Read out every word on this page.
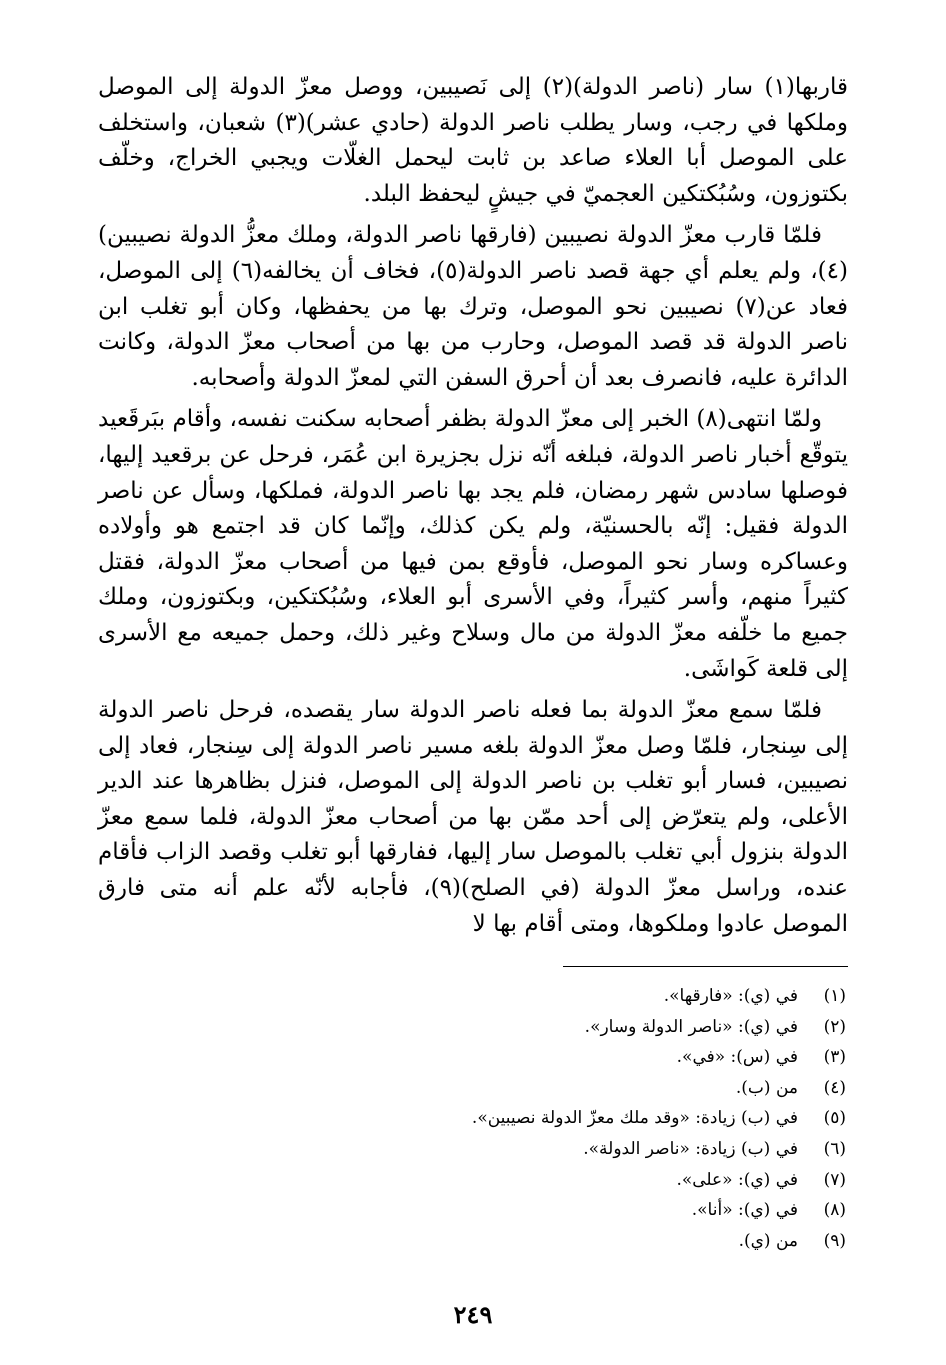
قاربها(١) سار (ناصر الدولة)(٢) إلى نَصيبين، ووصل معزّ الدولة إلى الموصل وملكها في رجب، وسار يطلب ناصر الدولة (حادي عشر)(٣) شعبان، واستخلف على الموصل أبا العلاء صاعد بن ثابت ليحمل الغلّات ويجبي الخراج، وخلّف بكتوزون، وسُبُكتكين العجميّ في جيشٍ ليحفظ البلد.

فلمّا قارب معزّ الدولة نصيبين (فارقها ناصر الدولة، وملك معزُّ الدولة نصيبين)(٤)، ولم يعلم أي جهة قصد ناصر الدولة(٥)، فخاف أن يخالفه(٦) إلى الموصل، فعاد عن(٧) نصيبين نحو الموصل، وترك بها من يحفظها، وكان أبو تغلب ابن ناصر الدولة قد قصد الموصل، وحارب من بها من أصحاب معزّ الدولة، وكانت الدائرة عليه، فانصرف بعد أن أحرق السفن التي لمعزّ الدولة وأصحابه.

ولمّا انتهى(٨) الخبر إلى معزّ الدولة بظفر أصحابه سكنت نفسه، وأقام ببَرقَعيد يتوقّع أخبار ناصر الدولة، فبلغه أنّه نزل بجزيرة ابن عُمَر، فرحل عن برقعيد إليها، فوصلها سادس شهر رمضان، فلم يجد بها ناصر الدولة، فملكها، وسأل عن ناصر الدولة فقيل: إنّه بالحسنيّة، ولم يكن كذلك، وإنّما كان قد اجتمع هو وأولاده وعساكره وسار نحو الموصل، فأوقع بمن فيها من أصحاب معزّ الدولة، فقتل كثيراً منهم، وأسر كثيراً، وفي الأسرى أبو العلاء، وسُبُكتكين، وبكتوزون، وملك جميع ما خلّفه معزّ الدولة من مال وسلاح وغير ذلك، وحمل جميعه مع الأسرى إلى قلعة كَواشَى.

فلمّا سمع معزّ الدولة بما فعله ناصر الدولة سار يقصده، فرحل ناصر الدولة إلى سِنجار، فلمّا وصل معزّ الدولة بلغه مسير ناصر الدولة إلى سِنجار، فعاد إلى نصيبين، فسار أبو تغلب بن ناصر الدولة إلى الموصل، فنزل بظاهرها عند الدير الأعلى، ولم يتعرّض إلى أحد ممّن بها من أصحاب معزّ الدولة، فلما سمع معزّ الدولة بنزول أبي تغلب بالموصل سار إليها، ففارقها أبو تغلب وقصد الزاب فأقام عنده، وراسل معزّ الدولة (في الصلح)(٩)، فأجابه لأنّه علم أنه متى فارق الموصل عادوا وملكوها، ومتى أقام بها لا

(١)
في (ي): «فارقها».
(٢)
في (ي): «ناصر الدولة وسار».
(٣)
في (س): «في».
(٤)
من (ب).
(٥)
في (ب) زيادة: «وقد ملك معزّ الدولة نصيبين».
(٦)
في (ب) زيادة: «ناصر الدولة».
(٧)
في (ي): «على».
(٨)
في (ي): «أنا».
(٩)
من (ي).
٢٤٩
